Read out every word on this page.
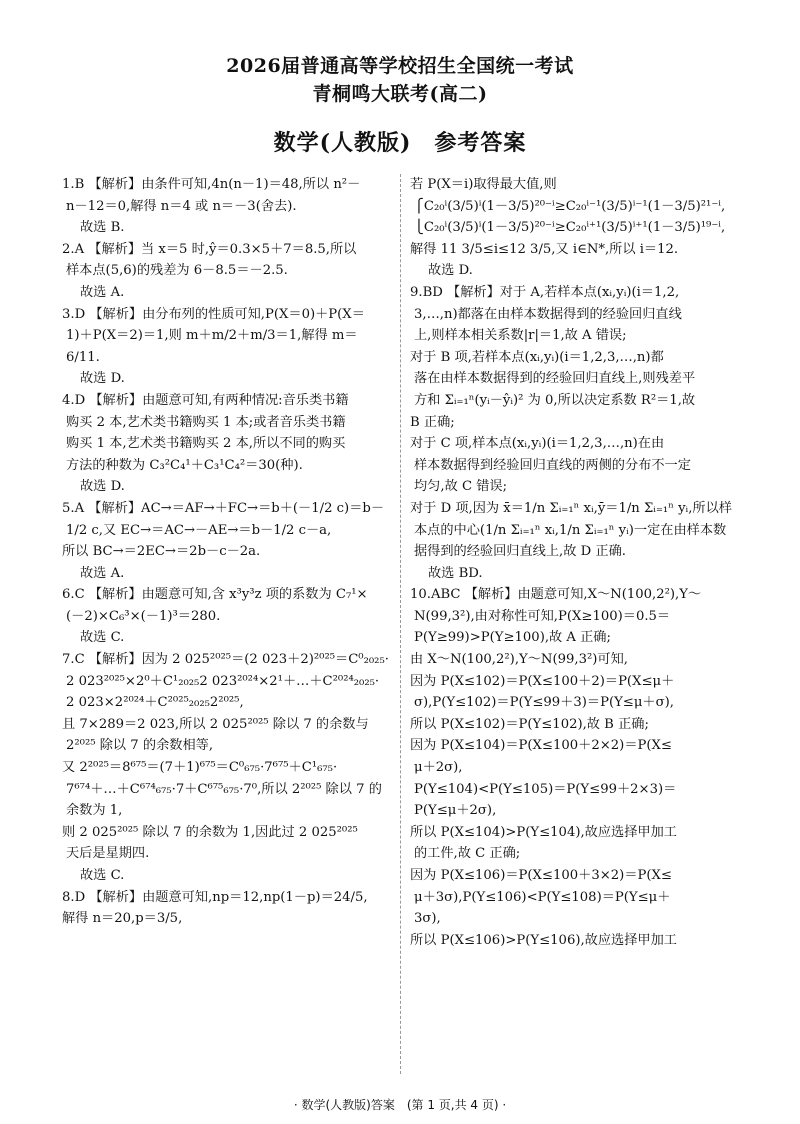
2026届普通高等学校招生全国统一考试
青桐鸣大联考(高二)
数学(人教版)　参考答案
1.B 【解析】由条件可知,4n(n－1)＝48,所以 n²－
n－12＝0,解得 n＝4 或 n＝－3(舍去).
故选 B.
2.A 【解析】当 x＝5 时,ŷ＝0.3×5＋7＝8.5,所以
样本点(5,6)的残差为 6－8.5＝－2.5.
故选 A.
3.D 【解析】由分布列的性质可知,P(X＝0)＋P(X＝
1)＋P(X＝2)＝1,则 m＋m/2＋m/3＝1,解得 m＝
6/11.
故选 D.
4.D 【解析】由题意可知,有两种情况:音乐类书籍
购买 2 本,艺术类书籍购买 1 本;或者音乐类书籍
购买 1 本,艺术类书籍购买 2 本,所以不同的购买
方法的种数为 C₃²C₄¹＋C₃¹C₄²＝30(种).
故选 D.
5.A 【解析】AC→＝AF→＋FC→＝b＋(－1/2 c)＝b－
1/2 c,又 EC→＝AC→－AE→＝b－1/2 c－a,
所以 BC→＝2EC→＝2b－c－2a.
故选 A.
6.C 【解析】由题意可知,含 x³y³z 项的系数为 C₇¹×
(－2)×C₆³×(－1)³＝280.
故选 C.
7.C 【解析】因为 2 025²⁰²⁵＝(2 023＋2)²⁰²⁵＝C⁰₂₀₂₅·
2 023²⁰²⁵×2⁰＋C¹₂₀₂₅2 023²⁰²⁴×2¹＋…＋C²⁰²⁴₂₀₂₅·
2 023×2²⁰²⁴＋C²⁰²⁵₂₀₂₅2²⁰²⁵,
且 7×289＝2 023,所以 2 025²⁰²⁵ 除以 7 的余数与
2²⁰²⁵ 除以 7 的余数相等,
又 2²⁰²⁵＝8⁶⁷⁵＝(7＋1)⁶⁷⁵＝C⁰₆₇₅·7⁶⁷⁵＋C¹₆₇₅·
7⁶⁷⁴＋…＋C⁶⁷⁴₆₇₅·7＋C⁶⁷⁵₆₇₅·7⁰,所以 2²⁰²⁵ 除以 7 的
余数为 1,
则 2 025²⁰²⁵ 除以 7 的余数为 1,因此过 2 025²⁰²⁵
天后是星期四.
故选 C.
8.D 【解析】由题意可知,np＝12,np(1－p)＝24/5,
解得 n＝20,p＝3/5,
若 P(X＝i)取得最大值,则
⎧C₂₀ⁱ(3/5)ⁱ(1－3/5)²⁰⁻ⁱ≥C₂₀ⁱ⁻¹(3/5)ⁱ⁻¹(1－3/5)²¹⁻ⁱ,
⎩C₂₀ⁱ(3/5)ⁱ(1－3/5)²⁰⁻ⁱ≥C₂₀ⁱ⁺¹(3/5)ⁱ⁺¹(1－3/5)¹⁹⁻ⁱ,
解得 11 3/5≤i≤12 3/5,又 i∈N*,所以 i＝12.
故选 D.
9.BD 【解析】对于 A,若样本点(xᵢ,yᵢ)(i＝1,2,
3,…,n)都落在由样本数据得到的经验回归直线
上,则样本相关系数|r|＝1,故 A 错误;
对于 B 项,若样本点(xᵢ,yᵢ)(i＝1,2,3,…,n)都
落在由样本数据得到的经验回归直线上,则残差平
方和 Σᵢ₌₁ⁿ(yᵢ－ŷᵢ)² 为 0,所以决定系数 R²＝1,故
B 正确;
对于 C 项,样本点(xᵢ,yᵢ)(i＝1,2,3,…,n)在由
样本数据得到经验回归直线的两侧的分布不一定
均匀,故 C 错误;
对于 D 项,因为 x̄＝1/n Σᵢ₌₁ⁿ xᵢ,ȳ＝1/n Σᵢ₌₁ⁿ yᵢ,所以样
本点的中心(1/n Σᵢ₌₁ⁿ xᵢ,1/n Σᵢ₌₁ⁿ yᵢ)一定在由样本数
据得到的经验回归直线上,故 D 正确.
故选 BD.
10.ABC 【解析】由题意可知,X～N(100,2²),Y～
N(99,3²),由对称性可知,P(X≥100)＝0.5＝
P(Y≥99)>P(Y≥100),故 A 正确;
由 X～N(100,2²),Y～N(99,3²)可知,
因为 P(X≤102)＝P(X≤100＋2)＝P(X≤μ＋
σ),P(Y≤102)＝P(Y≤99＋3)＝P(Y≤μ＋σ),
所以 P(X≤102)＝P(Y≤102),故 B 正确;
因为 P(X≤104)＝P(X≤100＋2×2)＝P(X≤
μ＋2σ),
P(Y≤104)<P(Y≤105)＝P(Y≤99＋2×3)＝
P(Y≤μ＋2σ),
所以 P(X≤104)>P(Y≤104),故应选择甲加工
的工件,故 C 正确;
因为 P(X≤106)＝P(X≤100＋3×2)＝P(X≤
μ＋3σ),P(Y≤106)<P(Y≤108)＝P(Y≤μ＋
3σ),
所以 P(X≤106)>P(Y≤106),故应选择甲加工
· 数学(人教版)答案　(第 1 页,共 4 页) ·
